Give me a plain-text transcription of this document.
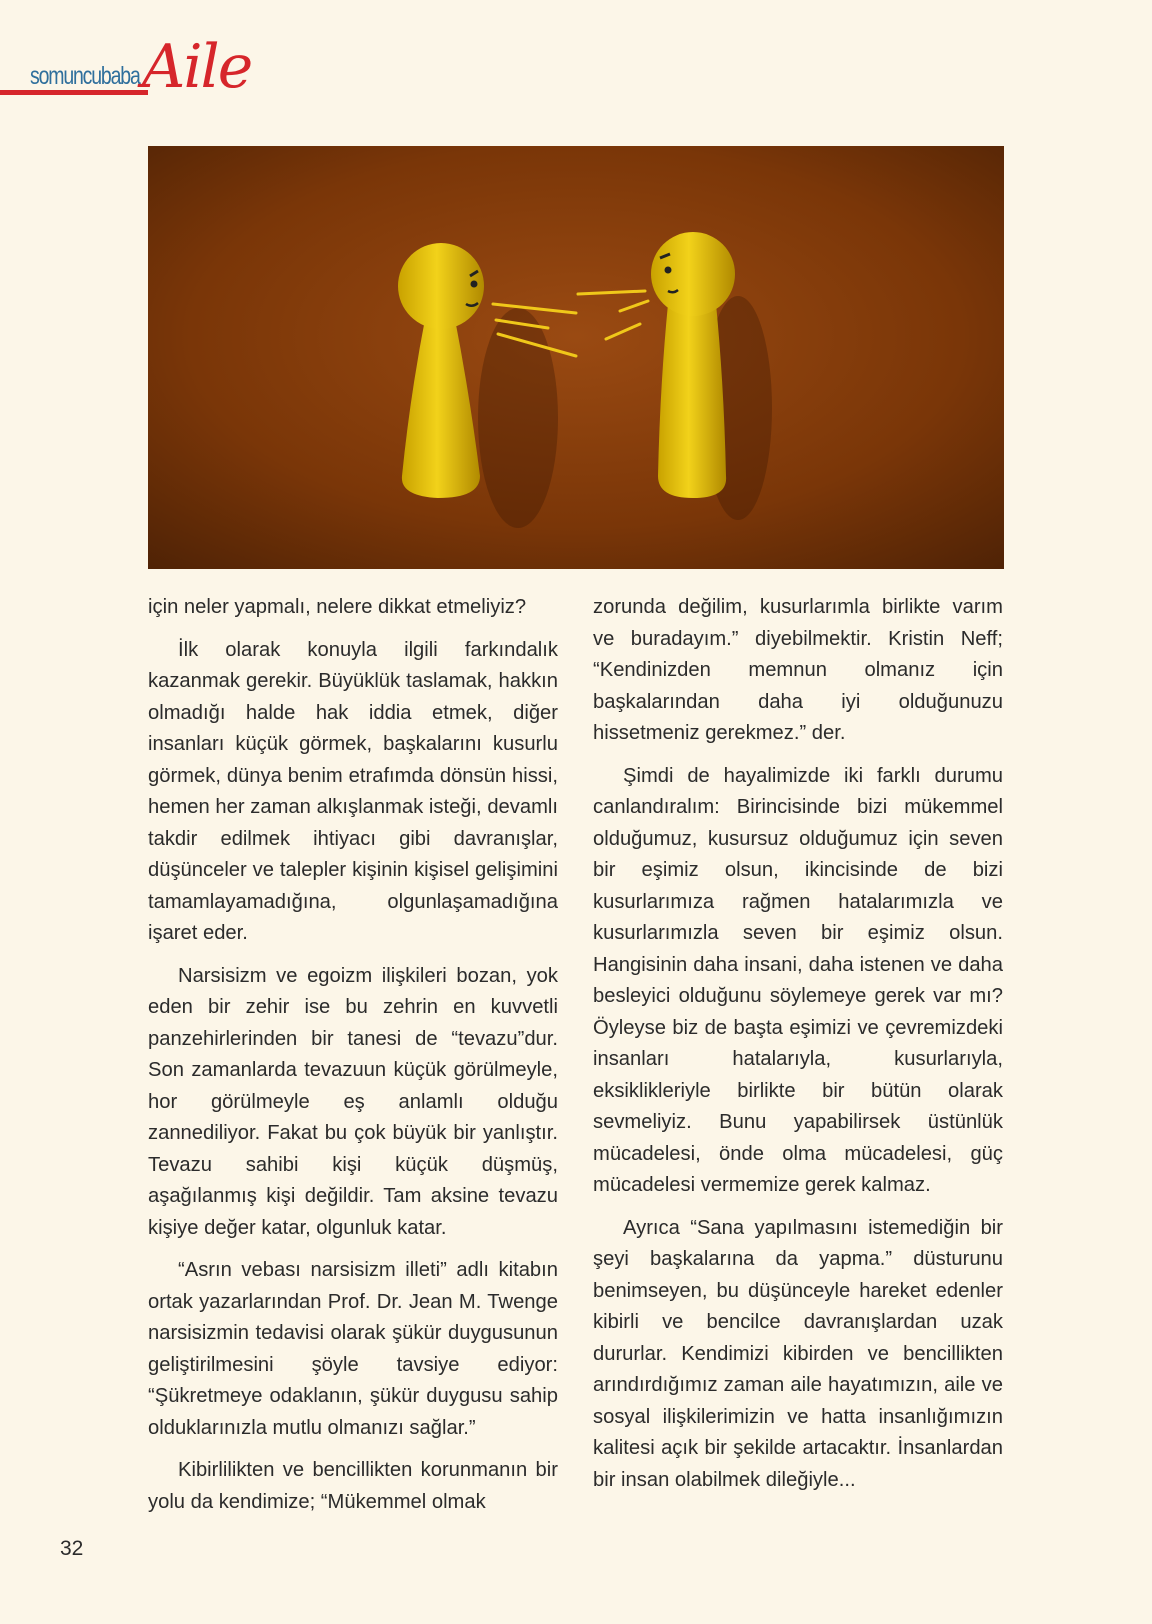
somuncubaba Aile

için neler yapmalı, nelere dikkat etmeliyiz?

İlk olarak konuyla ilgili farkındalık kazanmak gerekir. Büyüklük taslamak, hakkın olmadığı halde hak iddia etmek, diğer insanları küçük görmek, başkalarını kusurlu görmek, dünya benim etrafımda dönsün hissi, hemen her zaman alkışlanmak isteği, devamlı takdir edilmek ihtiyacı gibi davranışlar, düşünceler ve talepler kişinin kişisel gelişimini tamamlayamadığına, olgunlaşamadığına işaret eder.

Narsisizm ve egoizm ilişkileri bozan, yok eden bir zehir ise bu zehrin en kuvvetli panzehirlerinden bir tanesi de “tevazu”dur. Son zamanlarda tevazuun küçük görülmeyle, hor görülmeyle eş anlamlı olduğu zannediliyor. Fakat bu çok büyük bir yanlıştır. Tevazu sahibi kişi küçük düşmüş, aşağılanmış kişi değildir. Tam aksine tevazu kişiye değer katar, olgunluk katar.

“Asrın vebası narsisizm illeti” adlı kitabın ortak yazarlarından Prof. Dr. Jean M. Twenge narsisizmin tedavisi olarak şükür duygusunun geliştirilmesini şöyle tavsiye ediyor: “Şükretmeye odaklanın, şükür duygusu sahip olduklarınızla mutlu olmanızı sağlar.”

Kibirlilikten ve bencillikten korunmanın bir yolu da kendimize; “Mükemmel olmak

zorunda değilim, kusurlarımla birlikte varım ve buradayım.” diyebilmektir. Kristin Neff; “Kendinizden memnun olmanız için başkalarından daha iyi olduğunuzu hissetmeniz gerekmez.” der.

Şimdi de hayalimizde iki farklı durumu canlandıralım: Birincisinde bizi mükemmel olduğumuz, kusursuz olduğumuz için seven bir eşimiz olsun, ikincisinde de bizi kusurlarımıza rağmen hatalarımızla ve kusurlarımızla seven bir eşimiz olsun. Hangisinin daha insani, daha istenen ve daha besleyici olduğunu söylemeye gerek var mı? Öyleyse biz de başta eşimizi ve çevremizdeki insanları hatalarıyla, kusurlarıyla, eksiklikleriyle birlikte bir bütün olarak sevmeliyiz. Bunu yapabilirsek üstünlük mücadelesi, önde olma mücadelesi, güç mücadelesi vermemize gerek kalmaz.

Ayrıca “Sana yapılmasını istemediğin bir şeyi başkalarına da yapma.” düsturunu benimseyen, bu düşünceyle hareket edenler kibirli ve bencilce davranışlardan uzak dururlar. Kendimizi kibirden ve bencillikten arındırdığımız zaman aile hayatımızın, aile ve sosyal ilişkilerimizin ve hatta insanlığımızın kalitesi açık bir şekilde artacaktır. İnsanlardan bir insan olabilmek dileğiyle...

32
